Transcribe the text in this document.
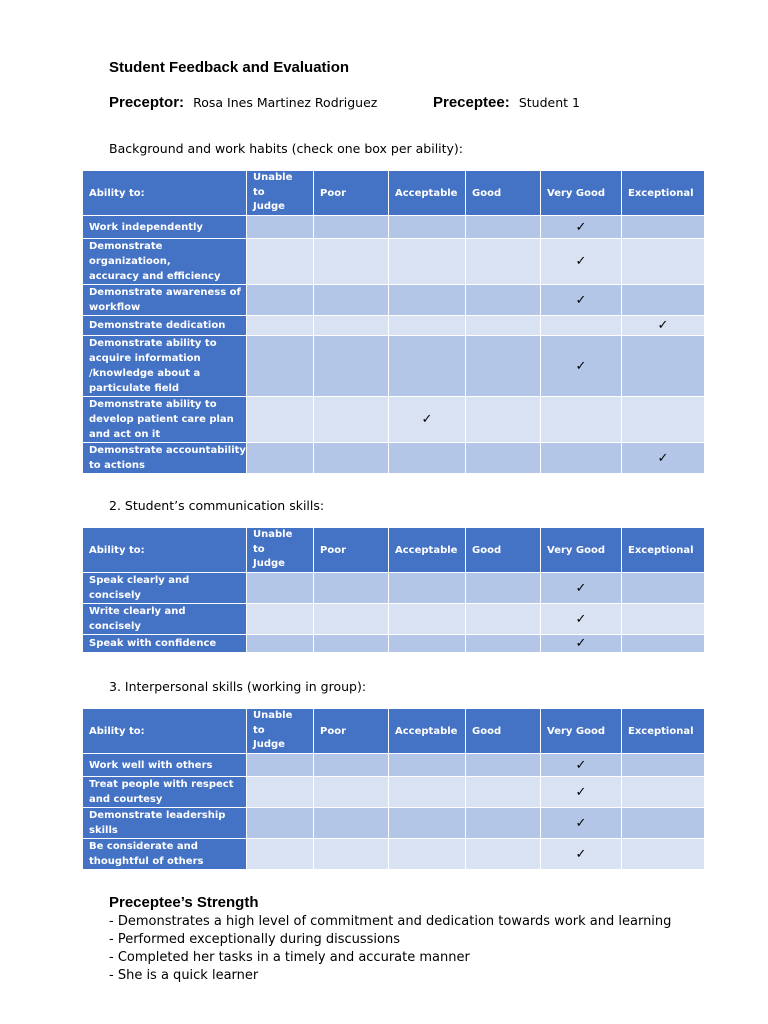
Student Feedback and Evaluation
Preceptor: Rosa Ines Martinez Rodriguez	Preceptee: Student 1
Background and work habits (check one box per ability):
Ability to:	Unable
to
Judge	Poor	Acceptable	Good	Very Good	Exceptional

Work independently					✓	

Demonstrate
organizatioon,
accuracy and efficiency					✓	

Demonstrate awareness of
workflow					✓	

Demonstrate dedication						✓

Demonstrate ability to
acquire information
/knowledge about a
particulate field					✓	

Demonstrate ability to
develop patient care plan
and act on it			✓			

Demonstrate accountability
to actions						✓
2. Student’s communication skills:
Ability to:	Unable
to
Judge	Poor	Acceptable	Good	Very Good	Exceptional

Speak clearly and
concisely					✓	

Write clearly and
concisely					✓	

Speak with confidence					✓	
3. Interpersonal skills (working in group):
Ability to:	Unable
to
Judge	Poor	Acceptable	Good	Very Good	Exceptional

Work well with others					✓	

Treat people with respect
and courtesy					✓	

Demonstrate leadership
skills					✓	

Be considerate and
thoughtful of others					✓	
Preceptee’s Strength
- Demonstrates a high level of commitment and dedication towards work and learning
- Performed exceptionally during discussions
- Completed her tasks in a timely and accurate manner
- She is a quick learner
